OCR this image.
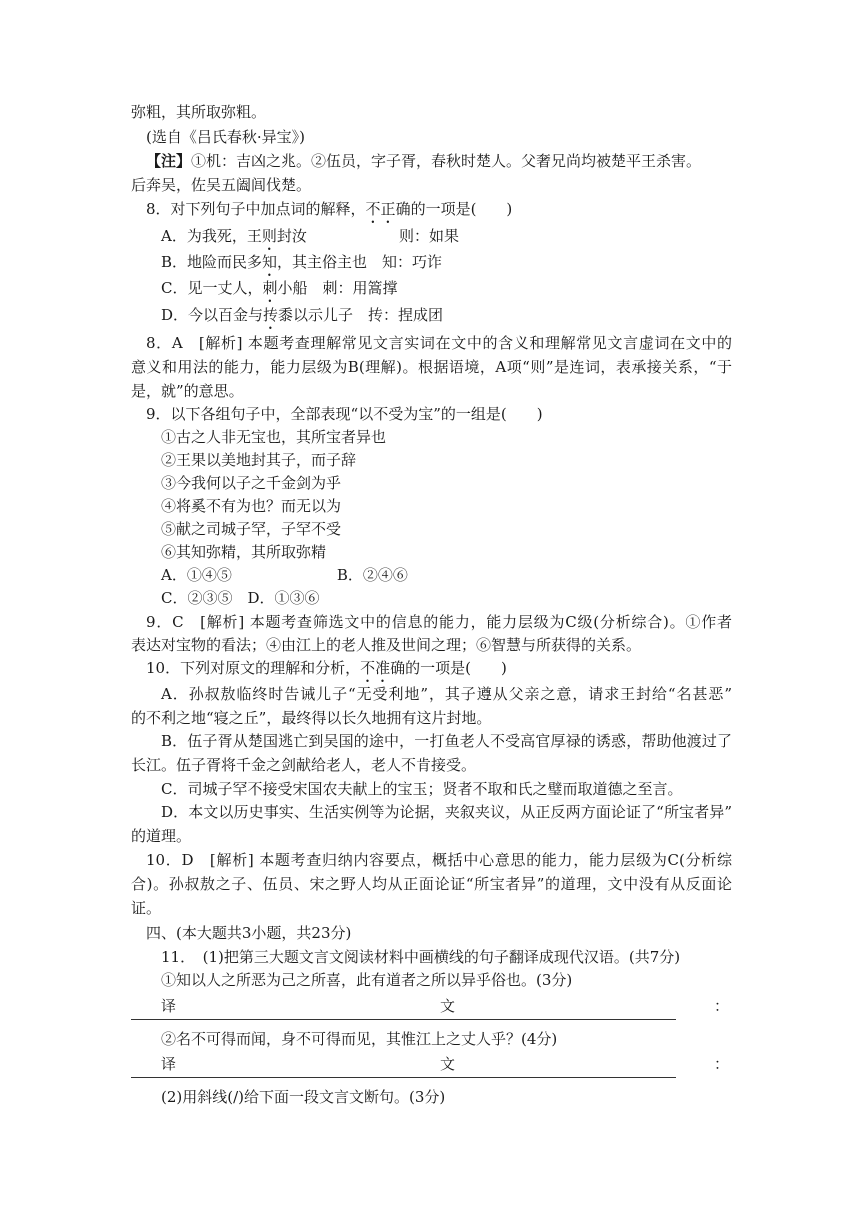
弥粗，其所取弥粗。
(选自《吕氏春秋·异宝》)
【注】①机：吉凶之兆。②伍员，字子胥，春秋时楚人。父奢兄尚均被楚平王杀害。
后奔吴，佐吴五阖闾伐楚。
8．对下列句子中加点词的解释，不正确的一项是(　　)
A．为我死，王则封汝	则：如果
B．地险而民多知，其主俗主也　知：巧诈
C．见一丈人，刺小船　刺：用篙撑
D．今以百金与抟黍以示儿子　抟：捏成团
8．A　[解析] 本题考查理解常见文言实词在文中的含义和理解常见文言虚词在文中的
意义和用法的能力，能力层级为B(理解)。根据语境，A项“则”是连词，表承接关系，“于
是，就”的意思。
9．以下各组句子中，全部表现“以不受为宝”的一组是(　　)
①古之人非无宝也，其所宝者异也
②王果以美地封其子，而子辞
③今我何以子之千金剑为乎
④将奚不有为也？而无以为
⑤献之司城子罕，子罕不受
⑥其知弥精，其所取弥精
A．①④⑤　　　　　　　B．②④⑥
C．②③⑤　D．①③⑥
9．C　[解析] 本题考查筛选文中的信息的能力，能力层级为C级(分析综合)。①作者
表达对宝物的看法；④由江上的老人推及世间之理；⑥智慧与所获得的关系。
10．下列对原文的理解和分析，不准确的一项是(　　)
A．孙叔敖临终时告诫儿子“无受利地”，其子遵从父亲之意，请求王封给“名甚恶”
的不利之地“寝之丘”，最终得以长久地拥有这片封地。
B．伍子胥从楚国逃亡到吴国的途中，一打鱼老人不受高官厚禄的诱惑，帮助他渡过了
长江。伍子胥将千金之剑献给老人，老人不肯接受。
C．司城子罕不接受宋国农夫献上的宝玉；贤者不取和氏之璧而取道德之至言。
D．本文以历史事实、生活实例等为论据，夹叙夹议，从正反两方面论证了“所宝者异”
的道理。
10．D　[解析] 本题考查归纳内容要点，概括中心意思的能力，能力层级为C(分析综
合)。孙叔敖之子、伍员、宋之野人均从正面论证“所宝者异”的道理，文中没有从反面论
证。
四、(本大题共3小题，共23分)
11．　(1)把第三大题文言文阅读材料中画横线的句子翻译成现代汉语。(共7分)
①知以人之所恶为己之所喜，此有道者之所以异乎俗也。(3分)
译	文	：
②名不可得而闻，身不可得而见，其惟江上之丈人乎？(4分)
译	文	：
(2)用斜线(/)给下面一段文言文断句。(3分)
